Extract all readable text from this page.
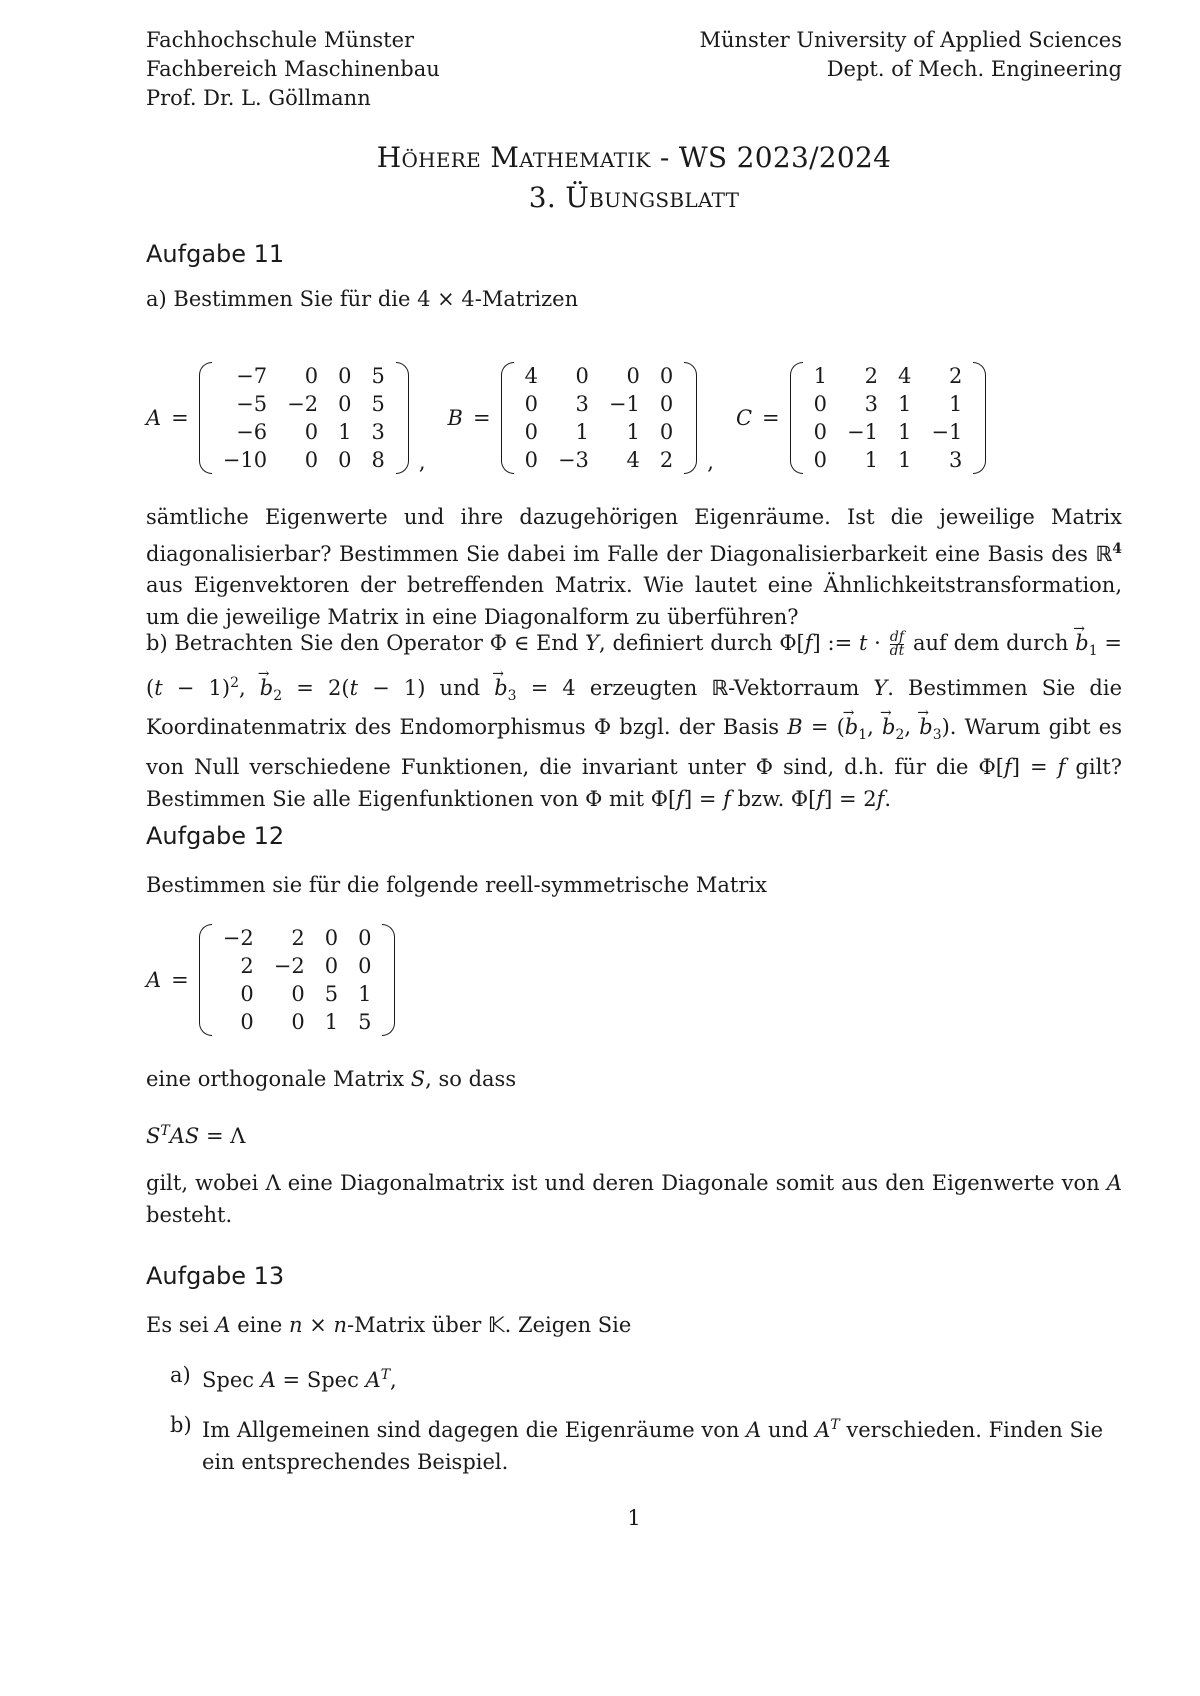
Fachhochschule Münster
Fachbereich Maschinenbau
Prof. Dr. L. Göllmann
Münster University of Applied Sciences
Dept. of Mech. Engineering
Höhere Mathematik - WS 2023/2024
3. Übungsblatt
Aufgabe 11
a) Bestimmen Sie für die 4 × 4-Matrizen
A =
−7	0	0	5
−5	−2	0	5
−6	0	1	3
−10	0	0	8 ,
B =
4	0	0	0
0	3	−1	0
0	1	1	0
0	−3	4	2 ,
C =
1	2	4	2
0	3	1	1
0	−1	1	−1
0	1	1	3
sämtliche Eigenwerte und ihre dazugehörigen Eigenräume. Ist die jeweilige Matrix diagonalisierbar? Bestimmen Sie dabei im Falle der Diagonalisierbarkeit eine Basis des ℝ$^4$ aus Eigenvektoren der betreffenden Matrix. Wie lautet eine Ähnlichkeitstransformation, um die jeweilige Matrix in eine Diagonalform zu überführen?
b) Betrachten Sie den Operator Φ ∈ End Y, definiert durch Φ[f] := $t \cdot \frac{df}{dt}$ auf dem durch → $b_1 = (t - 1)^2$, → $b_2 = 2(t - 1)$ und → $b_3 = 4$ erzeugten ℝ-Vektorraum Y. Bestimmen Sie die Koordinatenmatrix des Endomorphismus Φ bzgl. der Basis B = (→ $b_1$, → $b_2$, → $b_3$). Warum gibt es von Null verschiedene Funktionen, die invariant unter Φ sind, d.h. für die Φ[f] = f gilt? Bestimmen Sie alle Eigenfunktionen von Φ mit Φ[f] = f bzw. Φ[f] = 2f.
Aufgabe 12
Bestimmen sie für die folgende reell-symmetrische Matrix
A =
−2	2	0	0
2	−2	0	0
0	0	5	1
0	0	1	5
eine orthogonale Matrix S, so dass
$S^TAS = \Lambda$
gilt, wobei Λ eine Diagonalmatrix ist und deren Diagonale somit aus den Eigenwerte von A besteht.
Aufgabe 13
Es sei A eine n × n-Matrix über 𝕂. Zeigen Sie
a) Spec A = Spec $A^T$,
b) Im Allgemeinen sind dagegen die Eigenräume von A und $A^T$ verschieden. Finden Sie ein entsprechendes Beispiel.
1
